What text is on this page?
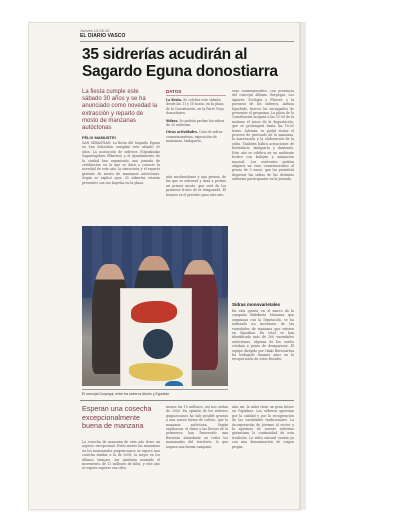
Jueves 13.05.10
EL DIARIO VASCO
35 sidrerías acudirán al Sagardo Eguna donostiarra
La fiesta cumple este sábado 30 años y se ha anunciado como novedad la extracción y reparto de mosto de manzanas autóctonas
FÉLIX MAMUSTEI
SAN SEBASTIÁN. La fiesta del Sagardo Eguna en San Sebastián cumplirá este sábado 30 años. La asociación de sidreros (Gipuzkoako Sagardogileen Elkartea) y el Ayuntamiento de la ciudad han organizado una jornada de celebración en la que se dará a conocer la novedad de este año: la extracción y el reparto gratuito de mosto de manzanas autóctonas. Según se explicó ayer, 35 sidrerías estarán presentes con sus kupelas en la plaza.
DATOS
La fiesta. Se celebra este sábado, desde las 11 y 18 horas, en la plaza de la Constitución, en la Parte Vieja donostiarra.
Sidras. Se podrán probar las sidras de 35 sidrerías.
Otras actividades. Cata de sidras conmemorativas, exposición de manzanas, txalaparta.
nita mecheselante y una prensa, de las que se extraerá y dará a probar un primer mosto, que será de los primeros frutos de la temporada. El horario es el previsto para este año.
vaso conmemorativo, con presencia del concejal Alfonso Gurpegui. Los Aguirre, Ecología y Fluoret, y la portavoz de los sidreros, Antxon Egurbide, fueron los encargados de presentar el programa. La plaza de la Constitución acogerá a las 11.00 de la mañana el inicio de la degustación, que se prolongará hasta las 18.00 horas. Además, se podrá visitar el proceso de prensado de la manzana, la maceración y la elaboración de la sidra. También habrá actuaciones de bertsolaris, txalaparta y dantzaris. Este año se celebra en un ambiente festivo con kalejira y animación musical. Los asistentes podrán adquirir un vaso conmemorativo al precio de 5 euros, que les permitirá degustar las sidras de las distintas sidrerías participantes en la jornada.
El concejal Gurpegui, entre los sidreros Aburto y Egurbide.
Sidras monovarietales
En esta quinta, en el marco de la campaña Bitxikeria Manzana que organizan con la Diputación, se ha realizado un inventario de las variedades de manzana que existen en Gipuzkoa. En total, se han identificado más de 100 variedades autóctonas, algunas de las cuales estaban a punto de desaparecer. El equipo dirigido por Iñaki Bereciartua ha trabajado durante años en la recuperación de estos frutales.
Esperan una cosecha excepcionalmente buena de manzana
La cosecha de manzana de este año tiene un aspecto excepcional. Estos meses las manzanas en los manzanales guipuzcoanos se espera una cosecha similar a la de 2008, la mejor en los últimos tiempos. Así quedaría asumido el incremento de 11 millones de kilos, y este año se espera superar esa cifra.
menos los 10 millones, así nos serían de 2000. En opinión de los sidreros guipuzcoanos ha sido posible gracias a una nueva forma de cultivo, que la manzana autóctona. Según explicaron, el clima y las lluvias de la primavera han favorecido una floración abundante en todos los manzanales del territorio, lo que augura una buena campaña.
Aún así, la sidra tiene un gran futuro en Gipuzkoa. Los sidreros apuestan por la calidad y por la recuperación de las variedades tradicionales. La incorporación de jóvenes al sector y la apertura de nuevas sidrerías garantizan la continuidad de esta tradición. La sidra natural cuenta ya con una denominación de origen propia.
